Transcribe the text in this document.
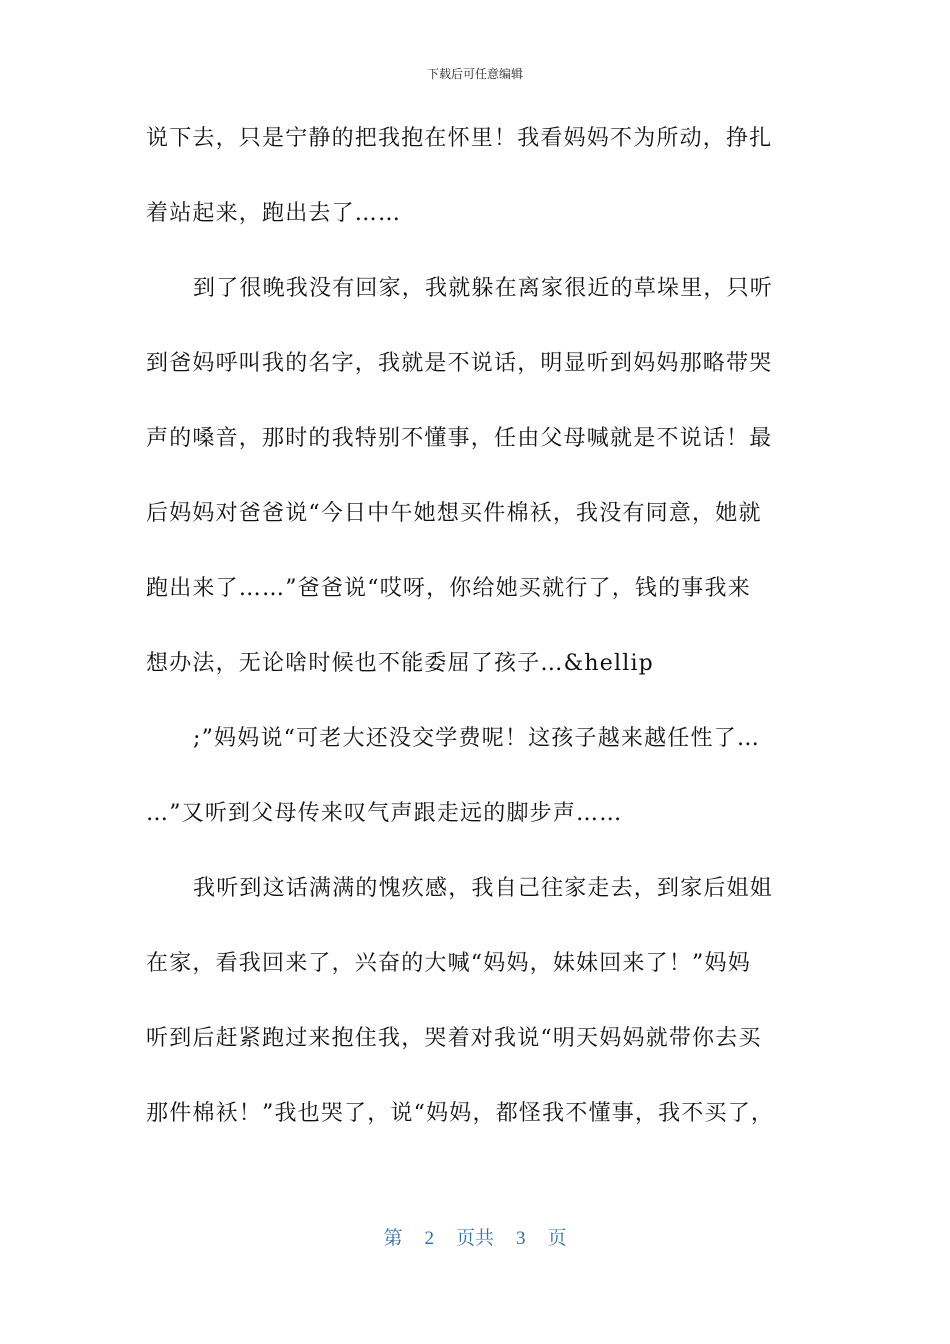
下载后可任意编辑
说下去，只是宁静的把我抱在怀里！我看妈妈不为所动，挣扎
着站起来，跑出去了……
到了很晚我没有回家，我就躲在离家很近的草垛里，只听
到爸妈呼叫我的名字，我就是不说话，明显听到妈妈那略带哭
声的嗓音，那时的我特别不懂事，任由父母喊就是不说话！最
后妈妈对爸爸说“今日中午她想买件棉袄，我没有同意，她就
跑出来了……”爸爸说“哎呀，你给她买就行了，钱的事我来
想办法，无论啥时候也不能委屈了孩子…&hellip
;”妈妈说“可老大还没交学费呢！这孩子越来越任性了…
…”又听到父母传来叹气声跟走远的脚步声……
我听到这话满满的愧疚感，我自己往家走去，到家后姐姐
在家，看我回来了，兴奋的大喊“妈妈，妹妹回来了！”妈妈
听到后赶紧跑过来抱住我，哭着对我说“明天妈妈就带你去买
那件棉袄！”我也哭了，说“妈妈，都怪我不懂事，我不买了，
第 2 页共 3 页
